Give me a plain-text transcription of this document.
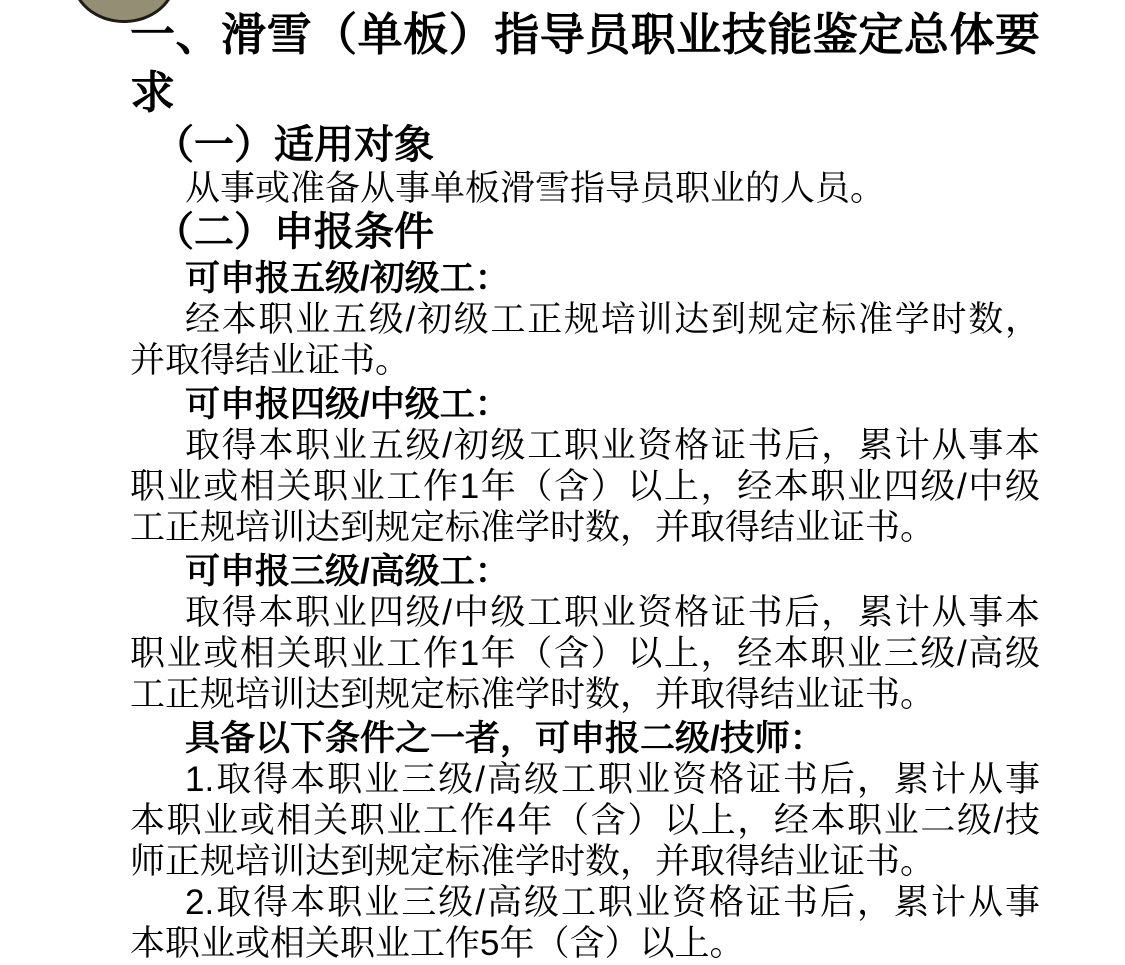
一、滑雪（单板）指导员职业技能鉴定总体要
求
（一）适用对象
从事或准备从事单板滑雪指导员职业的人员。
（二）申报条件
可申报五级/初级工：
经本职业五级/初级工正规培训达到规定标准学时数，
并取得结业证书。
可申报四级/中级工：
取得本职业五级/初级工职业资格证书后，累计从事本
职业或相关职业工作1年（含）以上，经本职业四级/中级
工正规培训达到规定标准学时数，并取得结业证书。
可申报三级/高级工：
取得本职业四级/中级工职业资格证书后，累计从事本
职业或相关职业工作1年（含）以上，经本职业三级/高级
工正规培训达到规定标准学时数，并取得结业证书。
具备以下条件之一者，可申报二级/技师：
1.取得本职业三级/高级工职业资格证书后，累计从事
本职业或相关职业工作4年（含）以上，经本职业二级/技
师正规培训达到规定标准学时数，并取得结业证书。
2.取得本职业三级/高级工职业资格证书后，累计从事
本职业或相关职业工作5年（含）以上。
